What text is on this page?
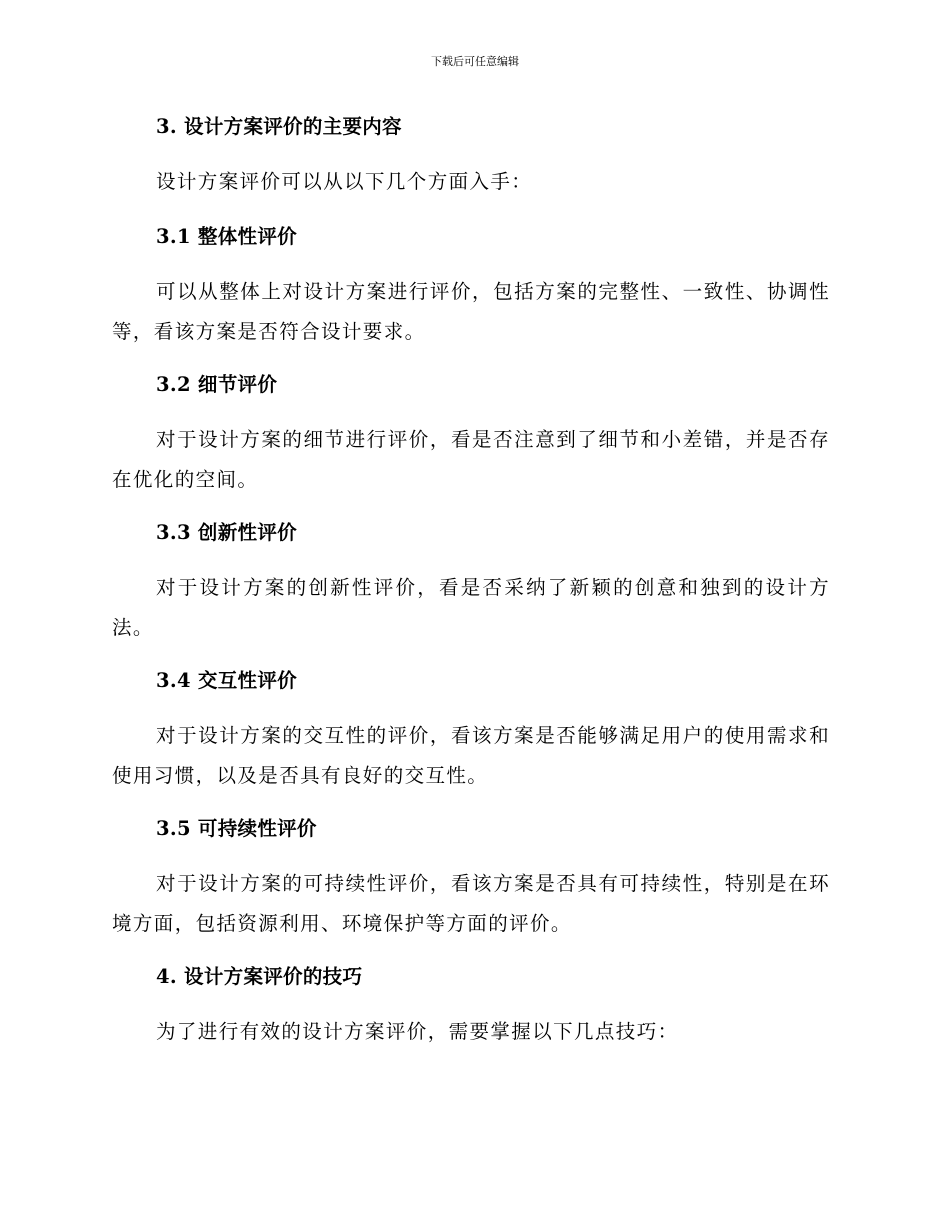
下载后可任意编辑
3. 设计方案评价的主要内容
设计方案评价可以从以下几个方面入手：
3.1 整体性评价
可以从整体上对设计方案进行评价，包括方案的完整性、一致性、协调性等，看该方案是否符合设计要求。
3.2 细节评价
对于设计方案的细节进行评价，看是否注意到了细节和小差错，并是否存在优化的空间。
3.3 创新性评价
对于设计方案的创新性评价，看是否采纳了新颖的创意和独到的设计方法。
3.4 交互性评价
对于设计方案的交互性的评价，看该方案是否能够满足用户的使用需求和使用习惯，以及是否具有良好的交互性。
3.5 可持续性评价
对于设计方案的可持续性评价，看该方案是否具有可持续性，特别是在环境方面，包括资源利用、环境保护等方面的评价。
4. 设计方案评价的技巧
为了进行有效的设计方案评价，需要掌握以下几点技巧：
